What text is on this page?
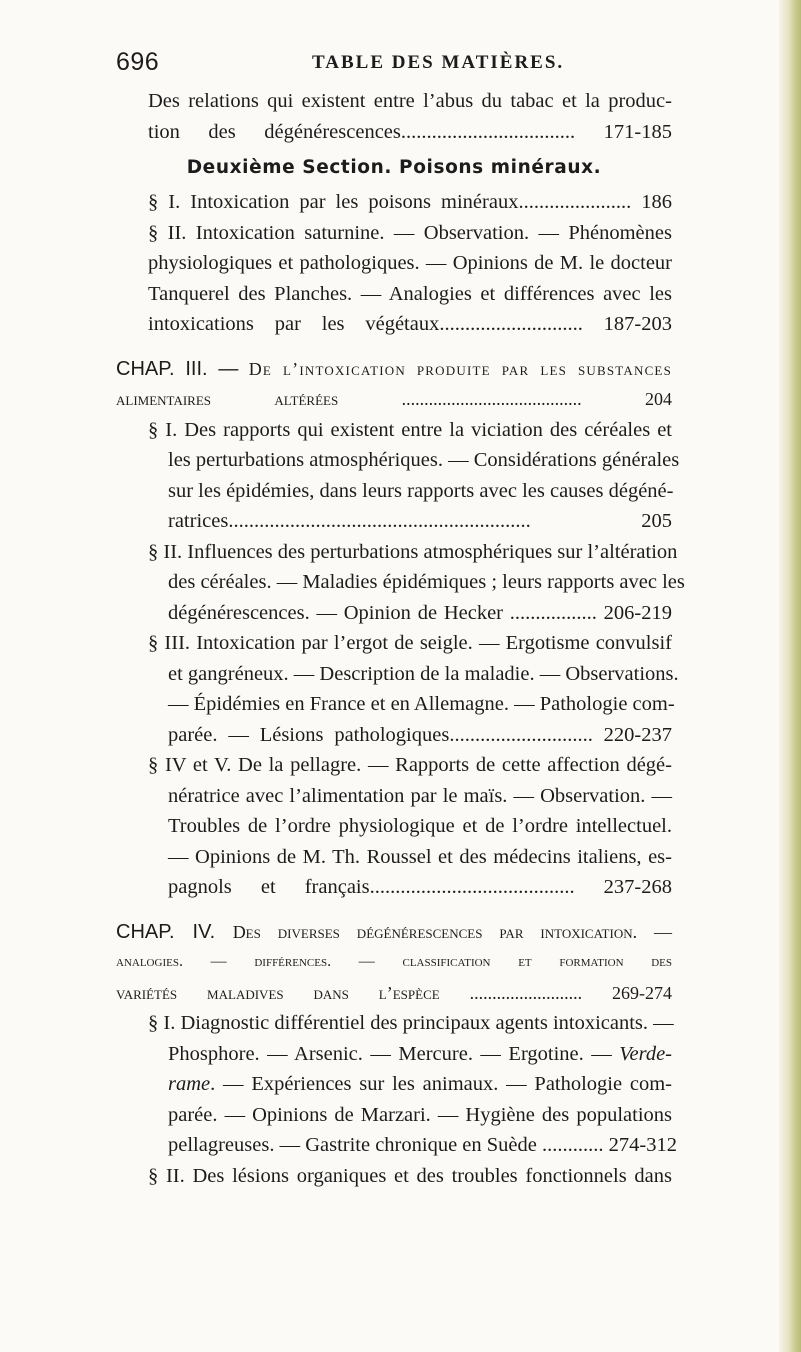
696	TABLE DES MATIÈRES.
Des relations qui existent entre l’abus du tabac et la produc-
tion des dégénérescences.................................. 171-185
Deuxième Section. Poisons minéraux.
§ I. Intoxication par les poisons minéraux...................... 186
§ II. Intoxication saturnine. — Observation. — Phénomènes
physiologiques et pathologiques. — Opinions de M. le docteur
Tanquerel des Planches. — Analogies et différences avec les
intoxications par les végétaux............................ 187-203
CHAP. III. — De l’intoxication produite par les substances
alimentaires altérées ........................................ 204
§ I. Des rapports qui existent entre la viciation des céréales et
les perturbations atmosphériques. — Considérations générales
sur les épidémies, dans leurs rapports avec les causes dégéné-
ratrices........................................................... 205
§ II. Influences des perturbations atmosphériques sur l’altération
des céréales. — Maladies épidémiques ; leurs rapports avec les
dégénérescences. — Opinion de Hecker ................. 206-219
§ III. Intoxication par l’ergot de seigle. — Ergotisme convulsif
et gangréneux. — Description de la maladie. — Observations.
— Épidémies en France et en Allemagne. — Pathologie com-
parée. — Lésions pathologiques............................ 220-237
§ IV et V. De la pellagre. — Rapports de cette affection dégé-
nératrice avec l’alimentation par le maïs. — Observation. —
Troubles de l’ordre physiologique et de l’ordre intellectuel.
— Opinions de M. Th. Roussel et des médecins italiens, es-
pagnols et français........................................ 237-268
CHAP. IV. Des diverses dégénérescences par intoxication. —
analogies. — différences. — classification et formation des
variétés maladives dans l’espèce ......................... 269-274
§ I. Diagnostic différentiel des principaux agents intoxicants. —
Phosphore. — Arsenic. — Mercure. — Ergotine. — Verde-
rame. — Expériences sur les animaux. — Pathologie com-
parée. — Opinions de Marzari. — Hygiène des populations
pellagreuses. — Gastrite chronique en Suède ............ 274-312
§ II. Des lésions organiques et des troubles fonctionnels dans
